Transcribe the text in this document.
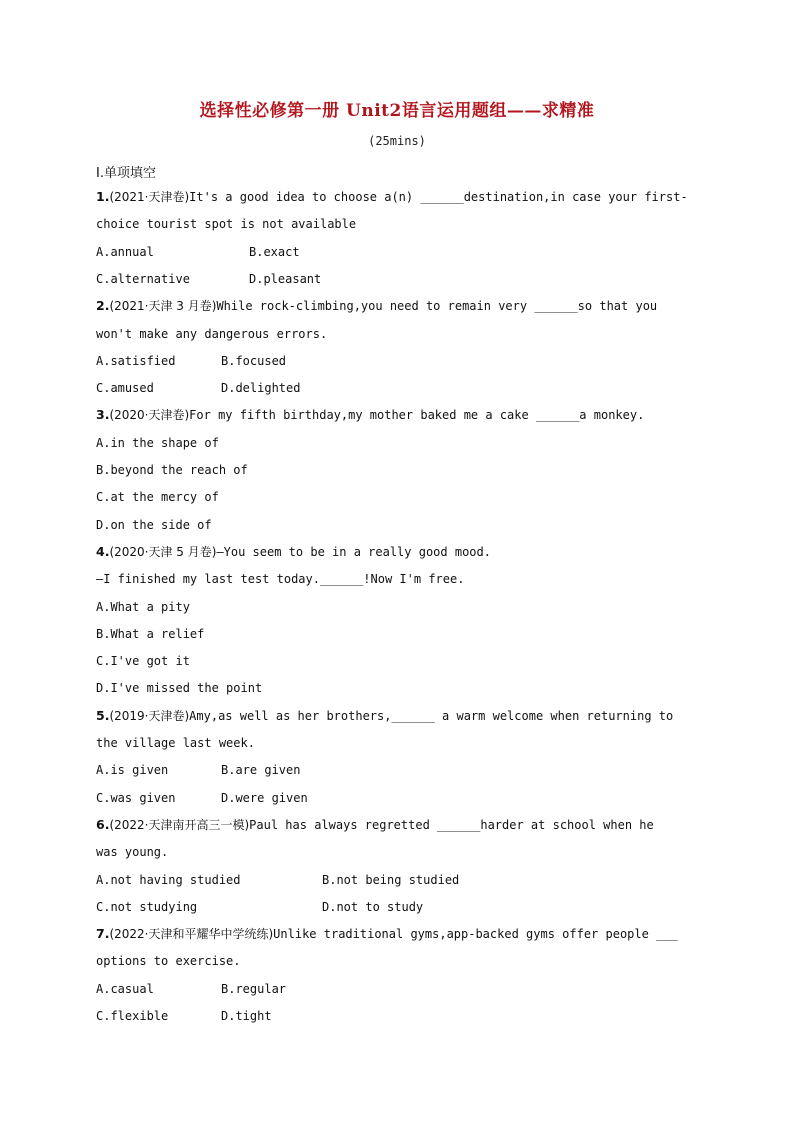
选择性必修第一册 Unit2语言运用题组——求精准
(25mins)
Ⅰ.单项填空
1.(2021·天津卷)It's a good idea to choose a(n) ______destination,in case your first-
choice tourist spot is not available
A.annual	B.exact
C.alternative	D.pleasant
2.(2021·天津 3 月卷)While rock-climbing,you need to remain very ______so that you
won't make any dangerous errors.
A.satisfied	B.focused
C.amused	D.delighted
3.(2020·天津卷)For my fifth birthday,my mother baked me a cake ______a monkey.
A.in the shape of
B.beyond the reach of
C.at the mercy of
D.on the side of
4.(2020·天津 5 月卷)—You seem to be in a really good mood.
—I finished my last test today.______!Now I'm free.
A.What a pity
B.What a relief
C.I've got it
D.I've missed the point
5.(2019·天津卷)Amy,as well as her brothers,______ a warm welcome when returning to
the village last week.
A.is given	B.are given
C.was given	D.were given
6.(2022·天津南开高三一模)Paul has always regretted ______harder at school when he
was young.
A.not having studied	B.not being studied
C.not studying	D.not to study
7.(2022·天津和平耀华中学统练)Unlike traditional gyms,app-backed gyms offer people ___
options to exercise.
A.casual	B.regular
C.flexible	D.tight
